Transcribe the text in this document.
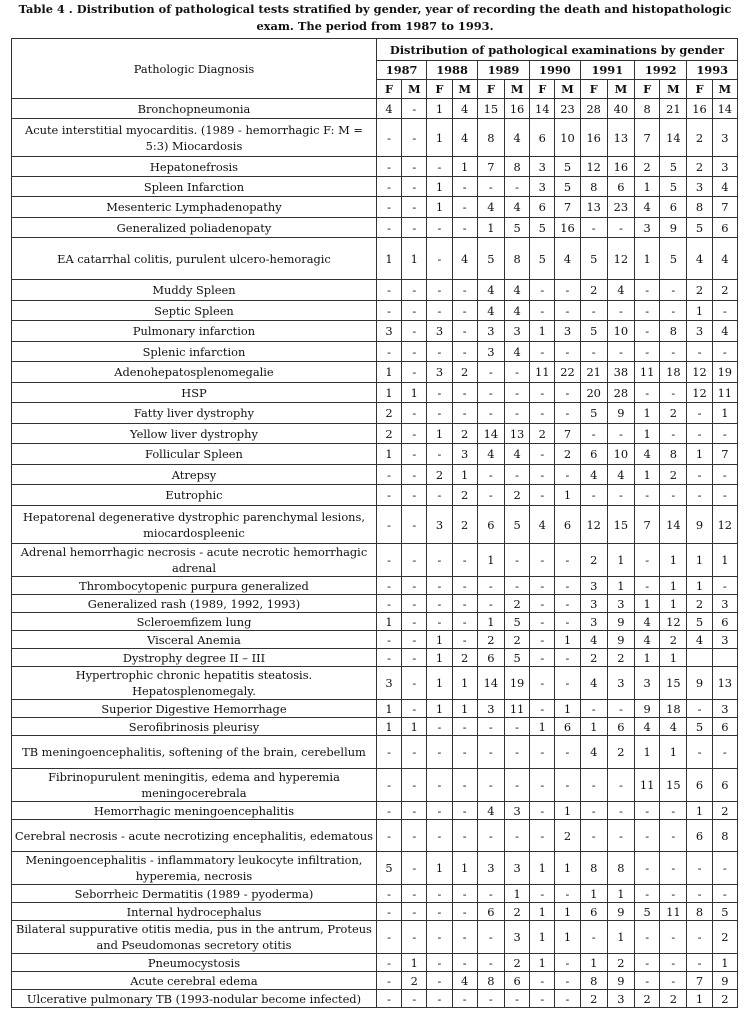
Table 4 . Distribution of pathological tests stratified by gender, year of recording the death and histopathologic exam. The period from 1987 to 1993.
Pathologic Diagnosis	Distribution of pathological examinations by gender													
	1987		1988		1989		1990		1991		1992		1993	
	F	M	F	M	F	M	F	M	F	M	F	M	F	M
Bronchopneumonia	4	-	1	4	15	16	14	23	28	40	8	21	16	14
Acute interstitial myocarditis. (1989 - hemorrhagic F: M = 5:3) Miocardosis	-	-	1	4	8	4	6	10	16	13	7	14	2	3
Hepatonefrosis	-	-	-	1	7	8	3	5	12	16	2	5	2	3
Spleen Infarction	-	-	1	-	-	-	3	5	8	6	1	5	3	4
Mesenteric Lymphadenopathy	-	-	1	-	4	4	6	7	13	23	4	6	8	7
Generalized poliadenopaty	-	-	-	-	1	5	5	16	-	-	3	9	5	6
EA catarrhal colitis, purulent ulcero-hemoragic	1	1	-	4	5	8	5	4	5	12	1	5	4	4
Muddy Spleen	-	-	-	-	4	4	-	-	2	4	-	-	2	2
Septic Spleen	-	-	-	-	4	4	-	-	-	-	-	-	1	-
Pulmonary infarction	3	-	3	-	3	3	1	3	5	10	-	8	3	4
Splenic infarction	-	-	-	-	3	4	-	-	-	-	-	-	-	-
Adenohepatosplenomegalie	1	-	3	2	-	-	11	22	21	38	11	18	12	19
HSP	1	1	-	-	-	-	-	-	20	28	-	-	12	11
Fatty liver dystrophy	2	-	-	-	-	-	-	-	5	9	1	2	-	1
Yellow liver dystrophy	2	-	1	2	14	13	2	7	-	-	1	-	-	-
Follicular Spleen	1	-	-	3	4	4	-	2	6	10	4	8	1	7
Atrepsy	-	-	2	1	-	-	-	-	4	4	1	2	-	-
Eutrophic	-	-	-	2	-	2	-	1	-	-	-	-	-	-
Hepatorenal degenerative dystrophic parenchymal lesions, miocardospleenic	-	-	3	2	6	5	4	6	12	15	7	14	9	12
Adrenal hemorrhagic necrosis - acute necrotic hemorrhagic adrenal	-	-	-	-	1	-	-	-	2	1	-	1	1	1
Thrombocytopenic purpura generalized	-	-	-	-	-	-	-	-	3	1	-	1	1	-
Generalized rash (1989, 1992, 1993)	-	-	-	-	-	2	-	-	3	3	1	1	2	3
Scleroemfizem lung	1	-	-	-	1	5	-	-	3	9	4	12	5	6
Visceral Anemia	-	-	1	-	2	2	-	1	4	9	4	2	4	3
Dystrophy degree II – III	-	-	1	2	6	5	-	-	2	2	1	1		
Hypertrophic chronic hepatitis steatosis. Hepatosplenomegaly.	3	-	1	1	14	19	-	-	4	3	3	15	9	13
Superior Digestive Hemorrhage	1	-	1	1	3	11	-	1	-	-	9	18	-	3
Serofibrinosis pleurisy	1	1	-	-	-	-	1	6	1	6	4	4	5	6
TB meningoencephalitis, softening of the brain, cerebellum	-	-	-	-	-	-	-	-	4	2	1	1	-	-
Fibrinopurulent meningitis, edema and hyperemia meningocerebrala	-	-	-	-	-	-	-	-	-	-	11	15	6	6
Hemorrhagic meningoencephalitis	-	-	-	-	4	3	-	1	-	-	-	-	1	2
Cerebral necrosis - acute necrotizing encephalitis, edematous	-	-	-	-	-	-	-	2	-	-	-	-	6	8
Meningoencephalitis - inflammatory leukocyte infiltration, hyperemia, necrosis	5	-	1	1	3	3	1	1	8	8	-	-	-	-
Seborrheic Dermatitis (1989 - pyoderma)	-	-	-	-	-	1	-	-	1	1	-	-	-	-
Internal hydrocephalus	-	-	-	-	6	2	1	1	6	9	5	11	8	5
Bilateral suppurative otitis media, pus in the antrum, Proteus and Pseudomonas secretory otitis	-	-	-	-	-	3	1	1	-	1	-	-	-	2
Pneumocystosis	-	1	-	-	-	2	1	-	1	2	-	-	-	1
Acute cerebral edema	-	2	-	4	8	6	-	-	8	9	-	-	7	9
Ulcerative pulmonary TB (1993-nodular become infected)	-	-	-	-	-	-	-	-	2	3	2	2	1	2
